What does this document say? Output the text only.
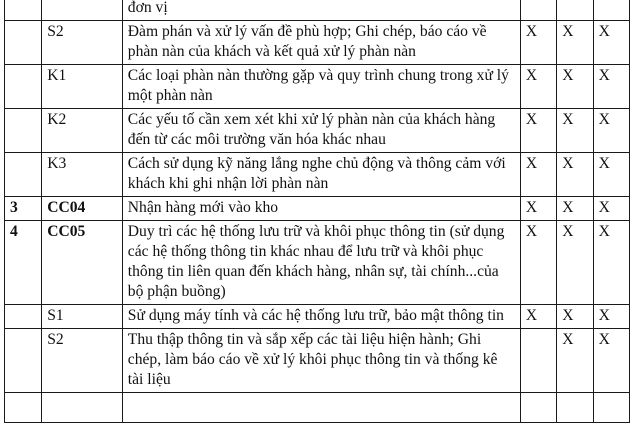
		đơn vị			
	S2	Đàm phán và xử lý vấn đề phù hợp; Ghi chép, báo cáo về phàn nàn của khách và kết quả xử lý phàn nàn	X	X	X
	K1	Các loại phàn nàn thường gặp và quy trình chung trong xử lý một phàn nàn	X	X	X
	K2	Các yếu tố cần xem xét khi xử lý phàn nàn của khách hàng đến từ các môi trường văn hóa khác nhau	X	X	X
	K3	Cách sử dụng kỹ năng lắng nghe chủ động và thông cảm với khách khi ghi nhận lời phàn nàn	X	X	X
3	CC04	Nhận hàng mới vào kho	X	X	X
4	CC05	Duy trì các hệ thống lưu trữ và khôi phục thông tin (sử dụng các hệ thống thông tin khác nhau để lưu trữ và khôi phục thông tin liên quan đến khách hàng, nhân sự, tài chính...của bộ phận buồng)	X	X	X
	S1	Sử dụng máy tính và các hệ thống lưu trữ, bảo mật thông tin	X	X	X
	S2	Thu thập thông tin và sắp xếp các tài liệu hiện hành; Ghi chép, làm báo cáo về xử lý khôi phục thông tin và thống kê tài liệu		X	X
